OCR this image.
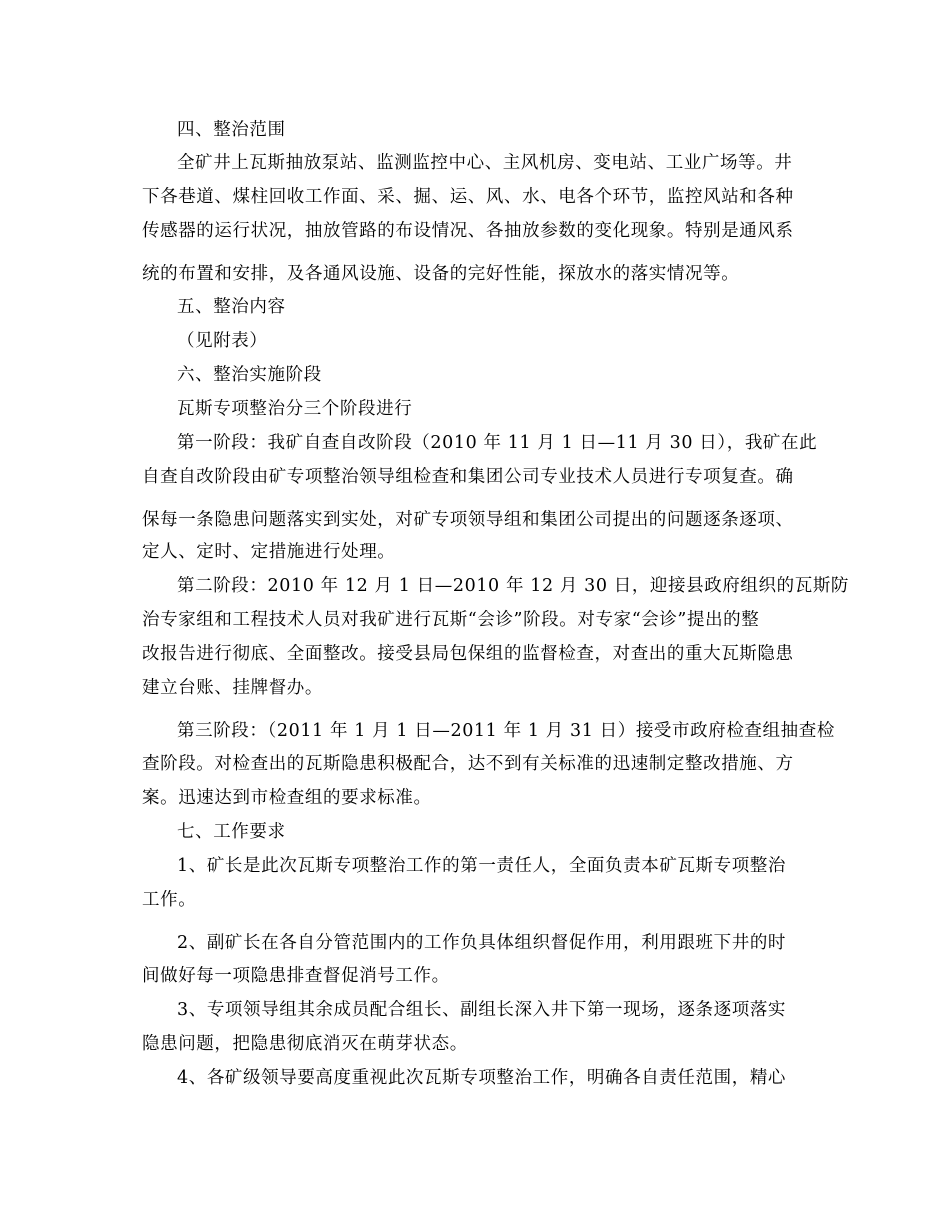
四、整治范围
全矿井上瓦斯抽放泵站、监测监控中心、主风机房、变电站、工业广场等。井
下各巷道、煤柱回收工作面、采、掘、运、风、水、电各个环节，监控风站和各种
传感器的运行状况，抽放管路的布设情况、各抽放参数的变化现象。特别是通风系
统的布置和安排，及各通风设施、设备的完好性能，探放水的落实情况等。
五、整治内容
（见附表）
六、整治实施阶段
瓦斯专项整治分三个阶段进行
第一阶段：我矿自查自改阶段（2010 年 11 月 1 日—11 月 30 日），我矿在此
自查自改阶段由矿专项整治领导组检查和集团公司专业技术人员进行专项复查。确
保每一条隐患问题落实到实处，对矿专项领导组和集团公司提出的问题逐条逐项、
定人、定时、定措施进行处理。
第二阶段：2010 年 12 月 1 日—2010 年 12 月 30 日，迎接县政府组织的瓦斯防
治专家组和工程技术人员对我矿进行瓦斯“会诊”阶段。对专家“会诊”提出的整
改报告进行彻底、全面整改。接受县局包保组的监督检查，对查出的重大瓦斯隐患
建立台账、挂牌督办。
第三阶段：（2011 年 1 月 1 日—2011 年 1 月 31 日）接受市政府检查组抽查检
查阶段。对检查出的瓦斯隐患积极配合，达不到有关标准的迅速制定整改措施、方
案。迅速达到市检查组的要求标准。
七、工作要求
1、矿长是此次瓦斯专项整治工作的第一责任人，全面负责本矿瓦斯专项整治
工作。
2、副矿长在各自分管范围内的工作负具体组织督促作用，利用跟班下井的时
间做好每一项隐患排查督促消号工作。
3、专项领导组其余成员配合组长、副组长深入井下第一现场，逐条逐项落实
隐患问题，把隐患彻底消灭在萌芽状态。
4、各矿级领导要高度重视此次瓦斯专项整治工作，明确各自责任范围，精心
